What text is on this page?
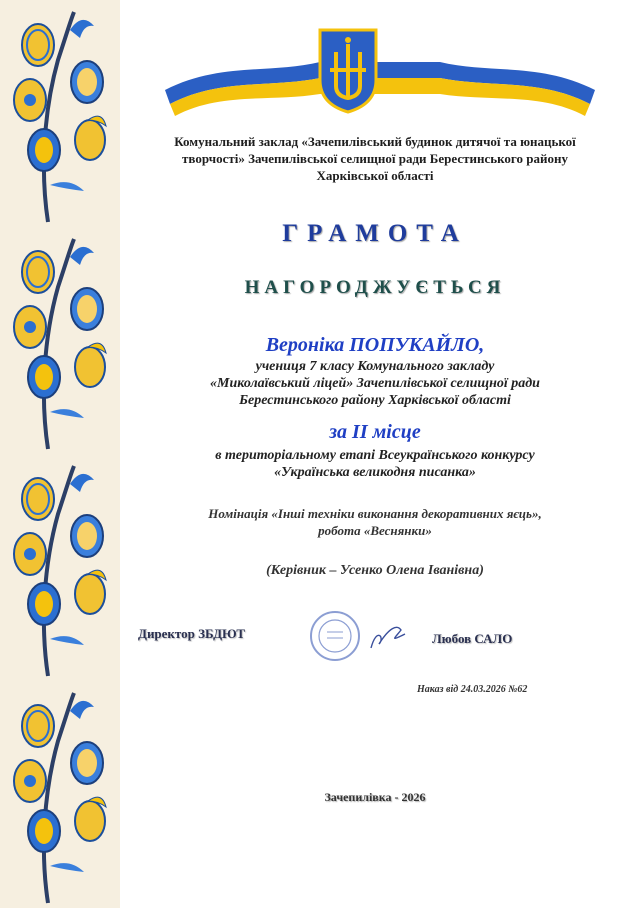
Комунальний заклад «Зачепилівський будинок дитячої та юнацької
творчості» Зачепилівської селищної ради Берестинського району
Харківської області
ГРАМОТА
НАГОРОДЖУЄТЬСЯ
Вероніка ПОПУКАЙЛО,
учениця 7 класу Комунального закладу
«Миколаївський ліцей» Зачепилівської селищної ради
Берестинського району Харківської області
за ІІ місце
в територіальному етапі Всеукраїнського конкурсу
«Українська великодня писанка»
Номінація «Інші техніки виконання декоративних яєць»,
робота «Веснянки»
(Керівник – Усенко Олена Іванівна)
Директор ЗБДЮТ	Любов САЛО
Наказ від 24.03.2026 №62
Зачепилівка - 2026
